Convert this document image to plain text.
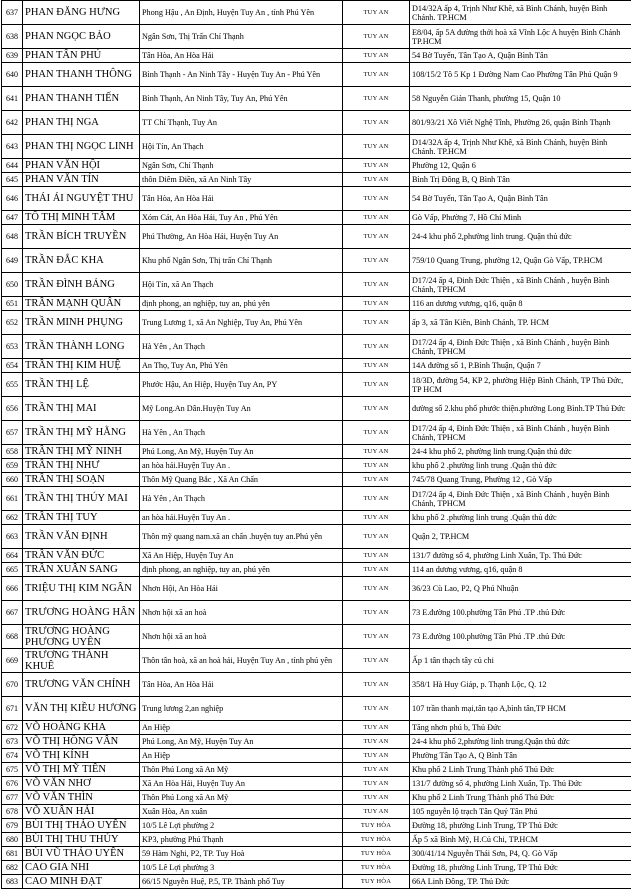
637	PHAN ĐĂNG HƯNG	Phong Hậu , An Định, Huyện Tuy An , tỉnh Phú Yên	TUY AN	D14/32A ấp 4, Trịnh Như Khê, xã Bình Chánh, huyện Bình Chánh. TP.HCM
638	PHAN NGỌC BẢO	Ngân Sơn, Thị Trấn Chí Thạnh	TUY AN	E8/04, ấp 5A đường thới hoà xã Vĩnh Lộc A huyện Bình Chánh TP.HCM
639	PHAN TẤN PHÚ	Tân Hòa, An Hòa Hải	TUY AN	54 Bờ Tuyến, Tân Tạo A, Quận Bình Tân
640	PHAN THANH THÔNG	Bình Thạnh - An Ninh Tây - Huyện Tuy An - Phú Yên	TUY AN	108/15/2 Tô 5 Kp 1 Đường Nam Cao Phường Tân Phú Quận 9
641	PHAN THANH TIẾN	Bình Thạnh, An Ninh Tây, Tuy An, Phú Yên	TUY AN	58 Nguyễn Giản Thanh, phường 15, Quận 10
642	PHAN THỊ NGA	TT Chí Thạnh, Tuy An	TUY AN	801/93/21 Xô Viết Nghệ Tĩnh, Phường 26, quận Bình Thạnh
643	PHAN THỊ NGỌC LINH	Hội Tín, An Thạch	TUY AN	D14/32A ấp 4, Trịnh Như Khê, xã Bình Chánh, huyện Bình Chánh. TP.HCM
644	PHAN VĂN HỘI	Ngân Sơn, Chí Thạnh	TUY AN	Phường 12, Quận 6
645	PHAN VĂN TÍN	thôn Diêm Điền, xã An Ninh Tây	TUY AN	Bình Trị Đông B, Q Bình Tân
646	THÁI ÁI NGUYỆT THU	Tân Hòa, An Hòa Hải	TUY AN	54 Bờ Tuyến, Tân Tạo A, Quận Bình Tân
647	TÔ THỊ MINH TÂM	Xóm Cát, An Hòa Hải, Tuy An , Phú Yên	TUY AN	Gò Vấp, Phường 7, Hồ Chí Minh
648	TRẦN BÍCH TRUYỀN	Phú Thường, An Hòa Hải, Huyện Tuy An	TUY AN	24-4 khu phố 2,phường linh trung. Quận thủ đức
649	TRẦN ĐẮC KHA	Khu phố Ngân Sơn, Thị trấn Chí Thạnh	TUY AN	759/10 Quang Trung, phường 12, Quận Gò Vấp, TP.HCM
650	TRẦN ĐÌNH BẢNG	Hội Tín, xã An Thạch	TUY AN	D17/24 ấp 4, Đinh Đức Thiện , xã Bình Chánh , huyện Bình Chánh, TPHCM
651	TRẦN MẠNH QUÂN	định phong, an nghiệp, tuy an, phú yên	TUY AN	116 an dương vương, q16, quận 8
652	TRẦN MINH PHỤNG	Trung Lương 1, xã An Nghiệp, Tuy An, Phú Yên	TUY AN	ấp 3, xã Tân Kiên, Bình Chánh, TP. HCM
653	TRẦN THÀNH LONG	Hà Yên , An Thạch	TUY AN	D17/24 ấp 4, Đinh Đức Thiện , xã Bình Chánh , huyện Bình Chánh, TPHCM
654	TRẦN THỊ KIM HUỆ	An Thọ, Tuy An, Phú Yên	TUY AN	14A đường số 1, P.Bình Thuận, Quận 7
655	TRẦN THỊ LỆ	Phước Hậu, An Hiệp, Huyện Tuy An, PY	TUY AN	18/3D, đường 54, KP 2, phường Hiệp Bình Chánh, TP Thủ Đức, TP HCM
656	TRẦN THỊ MAI	Mỹ Long.An Dân.Huyện Tuy An	TUY AN	đường số 2.khu phố phước thiện.phường Long Bình.TP Thủ Đức
657	TRẦN THỊ MỸ HẰNG	Hà Yên , An Thạch	TUY AN	D17/24 ấp 4, Đinh Đức Thiện , xã Bình Chánh , huyện Bình Chánh, TPHCM
658	TRẦN THỊ MỸ NINH	Phú Long, An Mỹ, Huyện Tuy An	TUY AN	24-4 khu phố 2, phường linh trung.Quận thủ đức
659	TRẦN THỊ NHƯ	an hòa hải.Huyện Tuy An .	TUY AN	khu phố 2 .phường linh trung .Quận thủ đức
660	TRẦN THỊ SOẠN	Thôn Mỹ Quang Bắc , Xã An Chấn	TUY AN	745/78 Quang Trung, Phường 12 , Gò Vấp
661	TRẦN THỊ THÚY MAI	Hà Yên , An Thạch	TUY AN	D17/24 ấp 4, Đinh Đức Thiện , xã Bình Chánh , huyện Bình Chánh, TPHCM
662	TRẦN THỊ TUY	an hòa hải.Huyện Tuy An .	TUY AN	khu phố 2 .phường linh trung .Quận thủ đức
663	TRẦN VĂN ĐỊNH	Thôn mỹ quang nam.xã an chấn .huyện tuy an.Phú yên	TUY AN	Quận 2, TP.HCM
664	TRẦN VĂN ĐỨC	Xã An Hiệp, Huyện Tuy An	TUY AN	131/7 đường số 4, phường Linh Xuân, Tp. Thủ Đức
665	TRẦN XUÂN SANG	định phong, an nghiệp, tuy an, phú yên	TUY AN	114 an dương vương, q16, quận 8
666	TRIỆU THỊ KIM NGÂN	Nhơn Hội, An Hòa Hải	TUY AN	36/23 Cù Lao, P2, Q Phú Nhuận
667	TRƯƠNG HOÀNG HÂN	Nhơn hội xã an hoà	TUY AN	73 E.đường 100.phường Tân Phú .TP .thủ Đức
668	TRƯƠNG HOÀNG PHƯƠNG UYÊN	Nhơn hội xã an hoà	TUY AN	73 E.đường 100.phường Tân Phú .TP .thủ Đức
669	TRƯƠNG THÀNH KHUÊ	Thôn tân hoà, xã an hoà hải, Huyện Tuy An , tỉnh phú yên	TUY AN	Ấp 1 tân thạch tây củ chi
670	TRƯƠNG VĂN CHÍNH	Tân Hòa, An Hòa Hải	TUY AN	358/1 Hà Huy Giáp, p. Thạnh Lộc, Q. 12
671	VĂN THỊ KIỀU HƯƠNG	Trung lương 2,an nghiệp	TUY AN	107 trần thanh mại,tân tạo A,bình tân,TP HCM
672	VÕ HOÀNG KHA	An Hiệp	TUY AN	Tăng nhơn phú b, Thủ Đức
673	VÕ THỊ HỒNG VÂN	Phú Long, An Mỹ, Huyện Tuy An	TUY AN	24-4 khu phố 2,phường linh trung.Quận thủ đức
674	VÕ THỊ KÍNH	An Hiệp	TUY AN	Phường Tân Tạo A, Q Bình Tân
675	VÕ THỊ MỸ TIÊN	Thôn Phú Long xã An Mỹ	TUY AN	Khu phố 2 Linh Trung Thành phố Thủ Đức
676	VÕ VĂN NHƠ	Xã An Hòa Hải, Huyện Tuy An	TUY AN	131/7 đường số 4, phường Linh Xuân, Tp. Thủ Đức
677	VÕ VĂN THÌN	Thôn Phú Long xã An Mỹ	TUY AN	Khu phố 2 Linh Trung Thành phố Thủ Đức
678	VÕ XUÂN HẢI	Xuân Hòa, An xuân	TUY AN	105 nguyễn lộ trạch Tân Quý Tân Phú
679	BÙI THỊ THẢO UYÊN	10/5 Lê Lợi phường 2	TUY HÒA	Đường 18, phường Linh Trung, TP Thủ Đức
680	BÙI THỊ THU THỦY	KP3, phường Phú Thạnh	TUY HÒA	Ấp 5 xã Bình Mỹ, H.Củ Chi, TP.HCM
681	BÙI VŨ THẢO UYÊN	59 Hàm Nghi, P2, TP. Tuy Hoà	TUY HÒA	300/41/14 Nguyễn Thái Sơn, P4, Q. Gò Vấp
682	CAO GIA NHI	10/5 Lê Lợi phường 3	TUY HÒA	Đường 18, phường Linh Trung, TP Thủ Đức
683	CAO MINH ĐẠT	66/15 Nguyễn Huệ, P.5, TP. Thành phố Tuy	TUY HÒA	66A Linh Đông, TP. Thủ Đức
